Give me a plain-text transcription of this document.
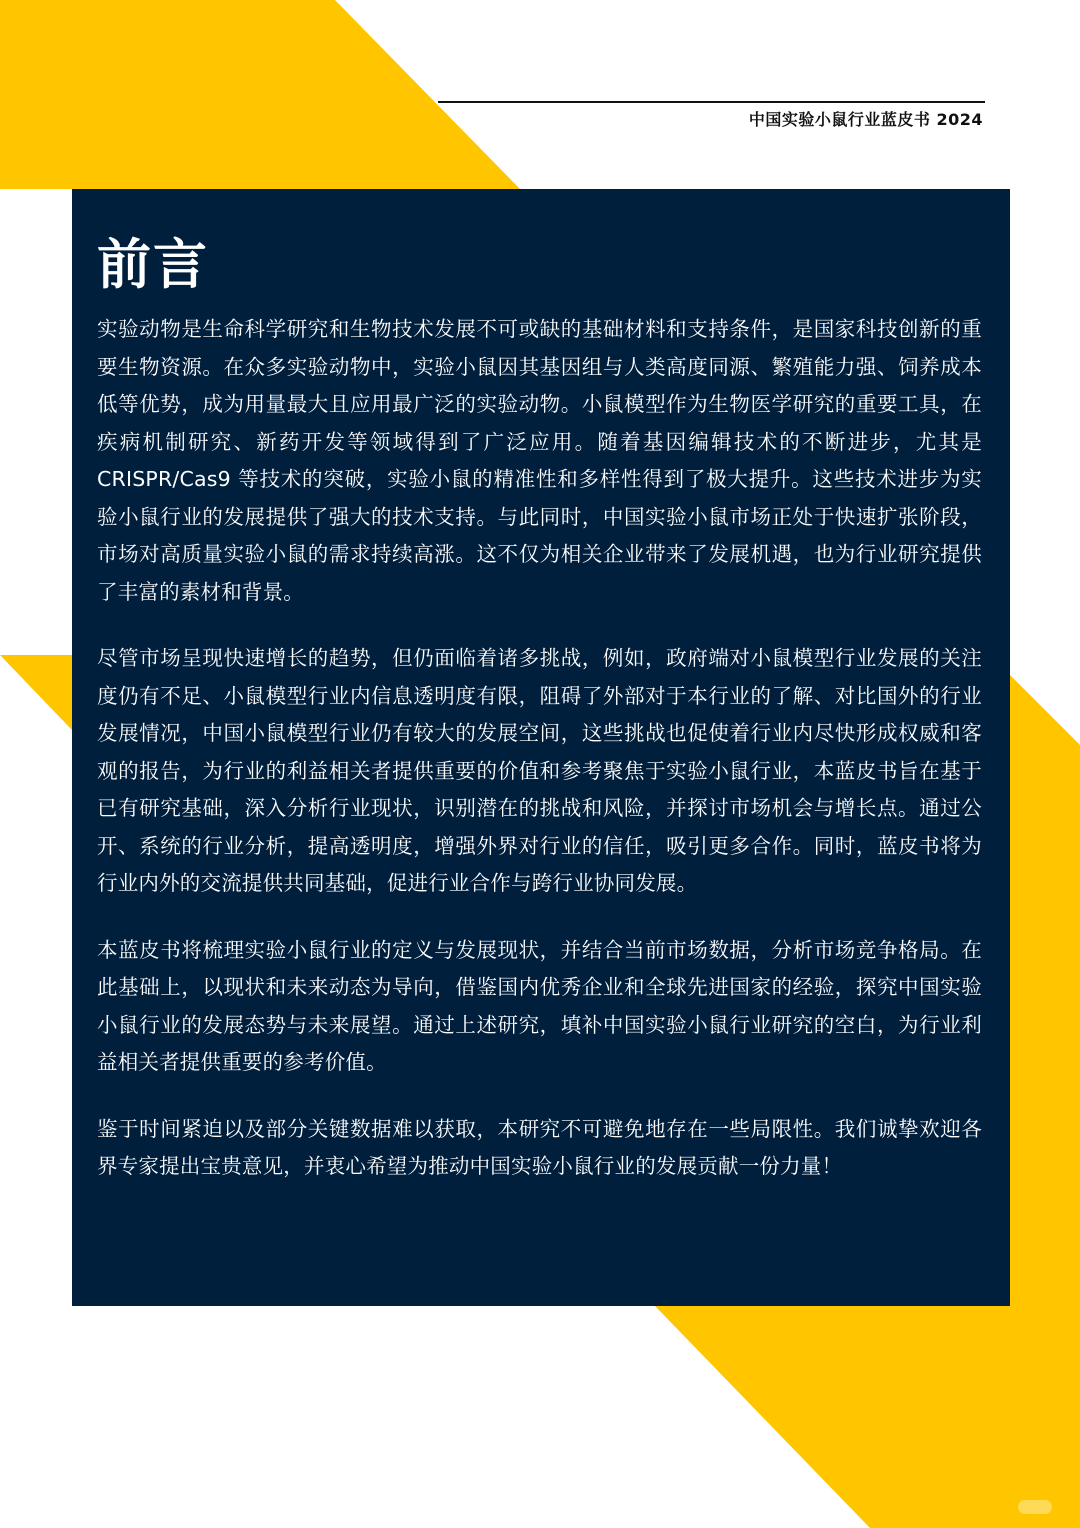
中国实验小鼠行业蓝皮书 2024
前言

实验动物是生命科学研究和生物技术发展不可或缺的基础材料和支持条件，是国家科技创新的重要生物资源。在众多实验动物中，实验小鼠因其基因组与人类高度同源、繁殖能力强、饲养成本低等优势，成为用量最大且应用最广泛的实验动物。小鼠模型作为生物医学研究的重要工具，在疾病机制研究、新药开发等领域得到了广泛应用。随着基因编辑技术的不断进步，尤其是 CRISPR/Cas9 等技术的突破，实验小鼠的精准性和多样性得到了极大提升。这些技术进步为实验小鼠行业的发展提供了强大的技术支持。与此同时，中国实验小鼠市场正处于快速扩张阶段，市场对高质量实验小鼠的需求持续高涨。这不仅为相关企业带来了发展机遇，也为行业研究提供了丰富的素材和背景。

尽管市场呈现快速增长的趋势，但仍面临着诸多挑战，例如，政府端对小鼠模型行业发展的关注度仍有不足、小鼠模型行业内信息透明度有限，阻碍了外部对于本行业的了解、对比国外的行业发展情况，中国小鼠模型行业仍有较大的发展空间，这些挑战也促使着行业内尽快形成权威和客观的报告，为行业的利益相关者提供重要的价值和参考聚焦于实验小鼠行业，本蓝皮书旨在基于已有研究基础，深入分析行业现状，识别潜在的挑战和风险，并探讨市场机会与增长点。通过公开、系统的行业分析，提高透明度，增强外界对行业的信任，吸引更多合作。同时，蓝皮书将为行业内外的交流提供共同基础，促进行业合作与跨行业协同发展。

本蓝皮书将梳理实验小鼠行业的定义与发展现状，并结合当前市场数据，分析市场竞争格局。在此基础上，以现状和未来动态为导向，借鉴国内优秀企业和全球先进国家的经验，探究中国实验小鼠行业的发展态势与未来展望。通过上述研究，填补中国实验小鼠行业研究的空白，为行业利益相关者提供重要的参考价值。

鉴于时间紧迫以及部分关键数据难以获取，本研究不可避免地存在一些局限性。我们诚挚欢迎各界专家提出宝贵意见，并衷心希望为推动中国实验小鼠行业的发展贡献一份力量！
